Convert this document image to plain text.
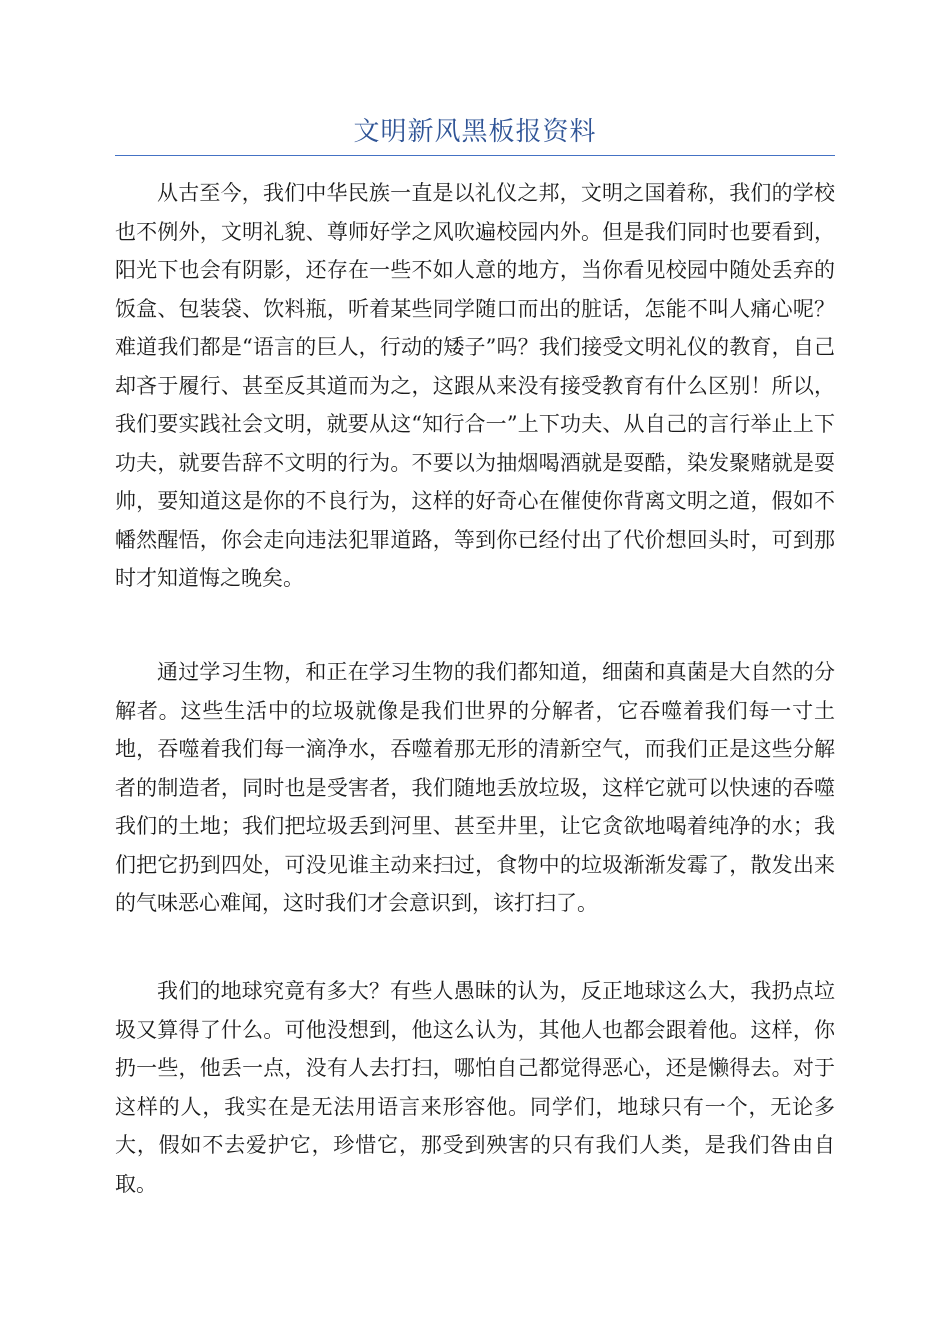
文明新风黑板报资料

从古至今，我们中华民族一直是以礼仪之邦，文明之国着称，我们的学校也不例外，文明礼貌、尊师好学之风吹遍校园内外。但是我们同时也要看到，阳光下也会有阴影，还存在一些不如人意的地方，当你看见校园中随处丢弃的饭盒、包装袋、饮料瓶，听着某些同学随口而出的脏话，怎能不叫人痛心呢？难道我们都是“语言的巨人，行动的矮子”吗？我们接受文明礼仪的教育，自己却吝于履行、甚至反其道而为之，这跟从来没有接受教育有什么区别！所以，我们要实践社会文明，就要从这“知行合一”上下功夫、从自己的言行举止上下功夫，就要告辞不文明的行为。不要以为抽烟喝酒就是耍酷，染发聚赌就是耍帅，要知道这是你的不良行为，这样的好奇心在催使你背离文明之道，假如不幡然醒悟，你会走向违法犯罪道路，等到你已经付出了代价想回头时，可到那时才知道悔之晚矣。

通过学习生物，和正在学习生物的我们都知道，细菌和真菌是大自然的分解者。这些生活中的垃圾就像是我们世界的分解者，它吞噬着我们每一寸土地，吞噬着我们每一滴净水，吞噬着那无形的清新空气，而我们正是这些分解者的制造者，同时也是受害者，我们随地丢放垃圾，这样它就可以快速的吞噬我们的土地；我们把垃圾丢到河里、甚至井里，让它贪欲地喝着纯净的水；我们把它扔到四处，可没见谁主动来扫过，食物中的垃圾渐渐发霉了，散发出来的气味恶心难闻，这时我们才会意识到，该打扫了。

我们的地球究竟有多大？有些人愚昧的认为，反正地球这么大，我扔点垃圾又算得了什么。可他没想到，他这么认为，其他人也都会跟着他。这样，你扔一些，他丢一点，没有人去打扫，哪怕自己都觉得恶心，还是懒得去。对于这样的人，我实在是无法用语言来形容他。同学们，地球只有一个，无论多大，假如不去爱护它，珍惜它，那受到殃害的只有我们人类，是我们咎由自取。
